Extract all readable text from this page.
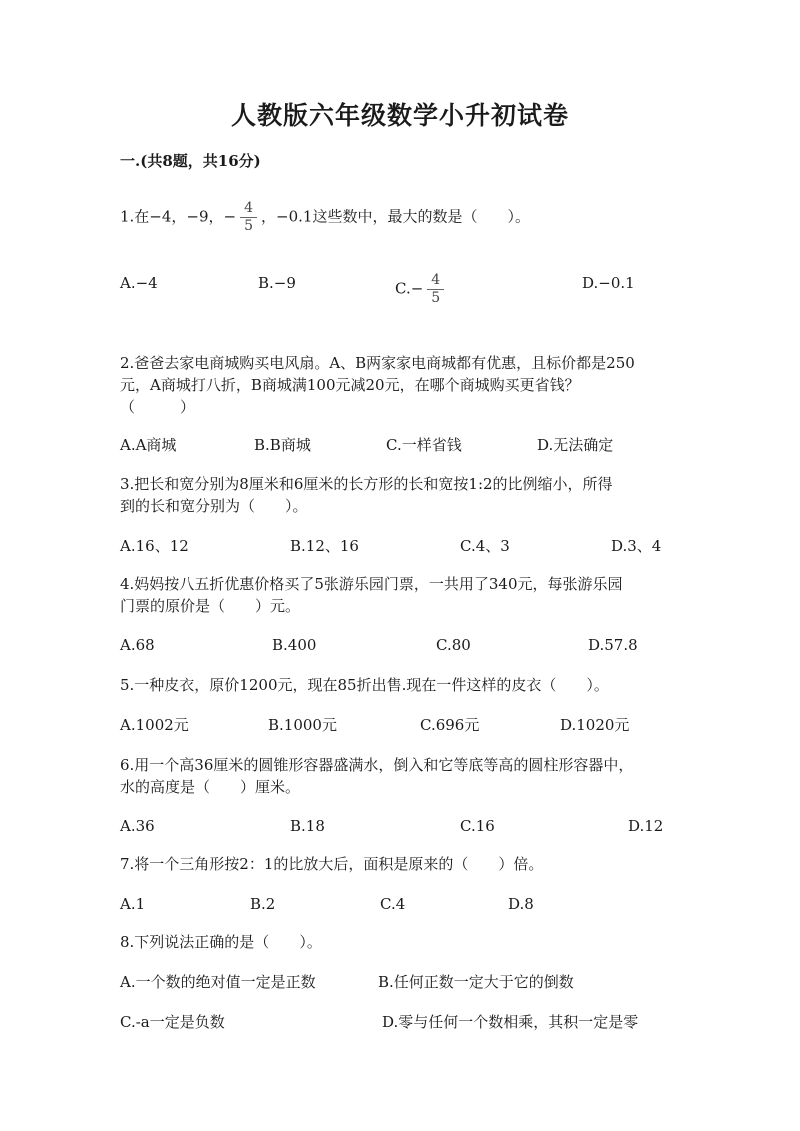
人教版六年级数学小升初试卷
一.(共8题，共16分)
1.在−4，−9，− $\frac{4}{5}$ ，−0.1这些数中，最大的数是（　　）。
A.−4	B.−9	$C.- \frac{4}{5}$	D.−0.1
2.爸爸去家电商城购买电风扇。A、B两家家电商城都有优惠，且标价都是250
元，A商城打八折，B商城满100元减20元，在哪个商城购买更省钱？
（　　　）
A.A商城	B.B商城	C.一样省钱	D.无法确定
3.把长和宽分别为8厘米和6厘米的长方形的长和宽按1:2的比例缩小，所得
到的长和宽分别为（　　）。
A.16、12	B.12、16	C.4、3	D.3、4
4.妈妈按八五折优惠价格买了5张游乐园门票，一共用了340元，每张游乐园
门票的原价是（　　）元。
A.68	B.400	C.80	D.57.8
5.一种皮衣，原价1200元，现在85折出售.现在一件这样的皮衣（　　）。
A.1002元	B.1000元	C.696元	D.1020元
6.用一个高36厘米的圆锥形容器盛满水，倒入和它等底等高的圆柱形容器中，
水的高度是（　　）厘米。
A.36	B.18	C.16	D.12
7.将一个三角形按2：1的比放大后，面积是原来的（　　）倍。
A.1	B.2	C.4	D.8
8.下列说法正确的是（　　）。
A.一个数的绝对值一定是正数	B.任何正数一定大于它的倒数
C.-a一定是负数	D.零与任何一个数相乘，其积一定是零
